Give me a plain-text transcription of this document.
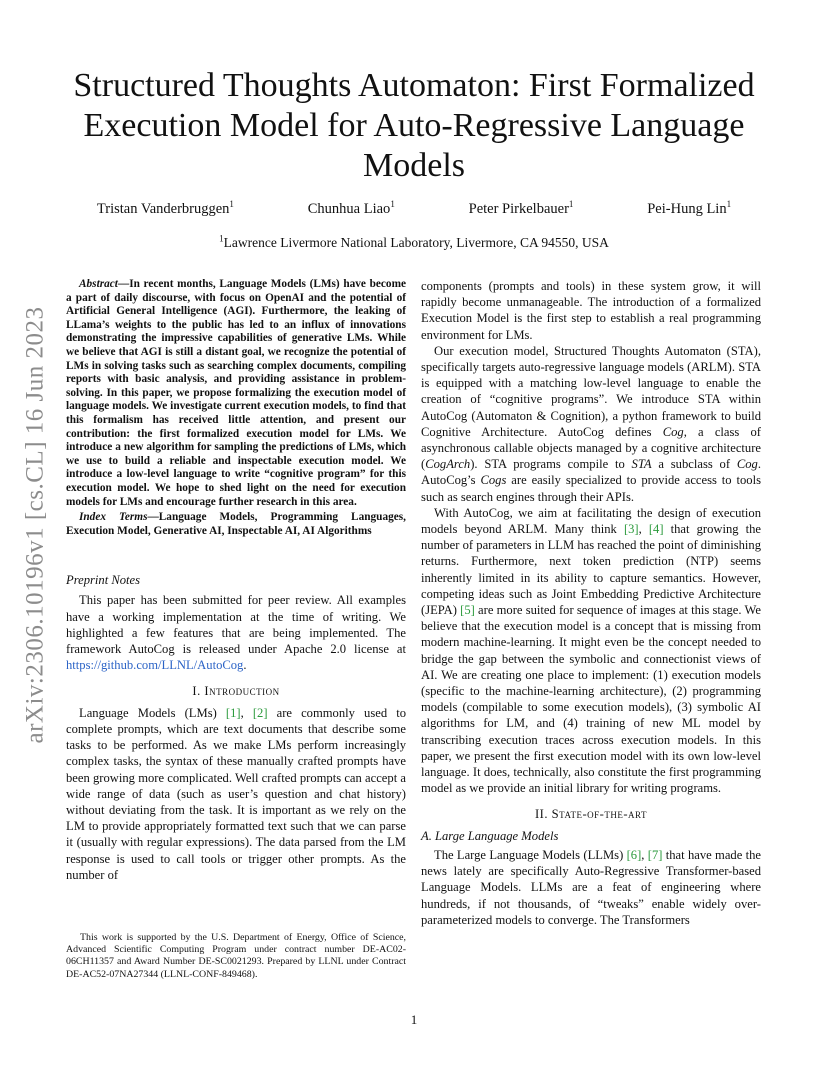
arXiv:2306.10196v1 [cs.CL] 16 Jun 2023
Structured Thoughts Automaton: First Formalized Execution Model for Auto-Regressive Language Models
Tristan Vanderbruggen$^1$	Chunhua Liao$^1$	Peter Pirkelbauer$^1$	Pei-Hung Lin$^1$
$^1$Lawrence Livermore National Laboratory, Livermore, CA 94550, USA

Abstract—In recent months, Language Models (LMs) have become a part of daily discourse, with focus on OpenAI and the potential of Artificial General Intelligence (AGI). Furthermore, the leaking of LLama’s weights to the public has led to an influx of innovations demonstrating the impressive capabilities of generative LMs. While we believe that AGI is still a distant goal, we recognize the potential of LMs in solving tasks such as searching complex documents, compiling reports with basic analysis, and providing assistance in problem-solving. In this paper, we propose formalizing the execution model of language models. We investigate current execution models, to find that this formalism has received little attention, and present our contribution: the first formalized execution model for LMs. We introduce a new algorithm for sampling the predictions of LMs, which we use to build a reliable and inspectable execution model. We introduce a low-level language to write “cognitive program” for this execution model. We hope to shed light on the need for execution models for LMs and encourage further research in this area.

Index Terms—Language Models, Programming Languages, Execution Model, Generative AI, Inspectable AI, AI Algorithms

Preprint Notes

This paper has been submitted for peer review. All examples have a working implementation at the time of writing. We highlighted a few features that are being implemented. The framework AutoCog is released under Apache 2.0 license at https://github.com/LLNL/AutoCog.

I. Introduction

Language Models (LMs) [1], [2] are commonly used to complete prompts, which are text documents that describe some tasks to be performed. As we make LMs perform increasingly complex tasks, the syntax of these manually crafted prompts have been growing more complicated. Well crafted prompts can accept a wide range of data (such as user’s question and chat history) without deviating from the task. It is important as we rely on the LM to provide appropriately formatted text such that we can parse it (usually with regular expressions). The data parsed from the LM response is used to call tools or trigger other prompts. As the number of

components (prompts and tools) in these system grow, it will rapidly become unmanageable. The introduction of a formalized Execution Model is the first step to establish a real programming environment for LMs.

Our execution model, Structured Thoughts Automaton (STA), specifically targets auto-regressive language models (ARLM). STA is equipped with a matching low-level language to enable the creation of “cognitive programs”. We introduce STA within AutoCog (Automaton & Cognition), a python framework to build Cognitive Architecture. AutoCog defines Cog, a class of asynchronous callable objects managed by a cognitive architecture (CogArch). STA programs compile to STA a subclass of Cog. AutoCog’s Cogs are easily specialized to provide access to tools such as search engines through their APIs.

With AutoCog, we aim at facilitating the design of execution models beyond ARLM. Many think [3], [4] that growing the number of parameters in LLM has reached the point of diminishing returns. Furthermore, next token prediction (NTP) seems inherently limited in its ability to capture semantics. However, competing ideas such as Joint Embedding Predictive Architecture (JEPA) [5] are more suited for sequence of images at this stage. We believe that the execution model is a concept that is missing from modern machine-learning. It might even be the concept needed to bridge the gap between the symbolic and connectionist views of AI. We are creating one place to implement: (1) execution models (specific to the machine-learning architecture), (2) programming models (compilable to some execution models), (3) symbolic AI algorithms for LM, and (4) training of new ML model by transcribing execution traces across execution models. In this paper, we present the first execution model with its own low-level language. It does, technically, also constitute the first programming model as we provide an initial library for writing programs.

II. State-of-the-art

A. Large Language Models

The Large Language Models (LLMs) [6], [7] that have made the news lately are specifically Auto-Regressive Transformer-based Language Models. LLMs are a feat of engineering where hundreds, if not thousands, of “tweaks” enable widely over-parameterized models to converge. The Transformers

This work is supported by the U.S. Department of Energy, Office of Science, Advanced Scientific Computing Program under contract number DE-AC02-06CH11357 and Award Number DE-SC0021293. Prepared by LLNL under Contract DE-AC52-07NA27344 (LLNL-CONF-849468).

1
